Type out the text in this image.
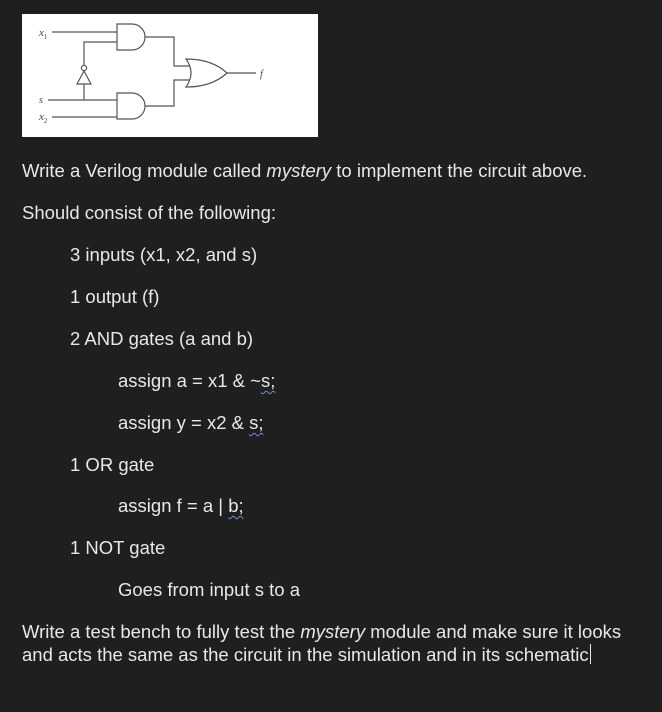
$x_1$
s
$x_2$
f
Write a Verilog module called mystery to implement the circuit above.
Should consist of the following:
3 inputs (x1, x2, and s)
1 output (f)
2 AND gates (a and b)
assign a = x1 & ~s;
assign y = x2 & s;
1 OR gate
assign f = a | b;
1 NOT gate
Goes from input s to a
Write a test bench to fully test the mystery module and make sure it looks and acts the same as the circuit in the simulation and in its schematic
